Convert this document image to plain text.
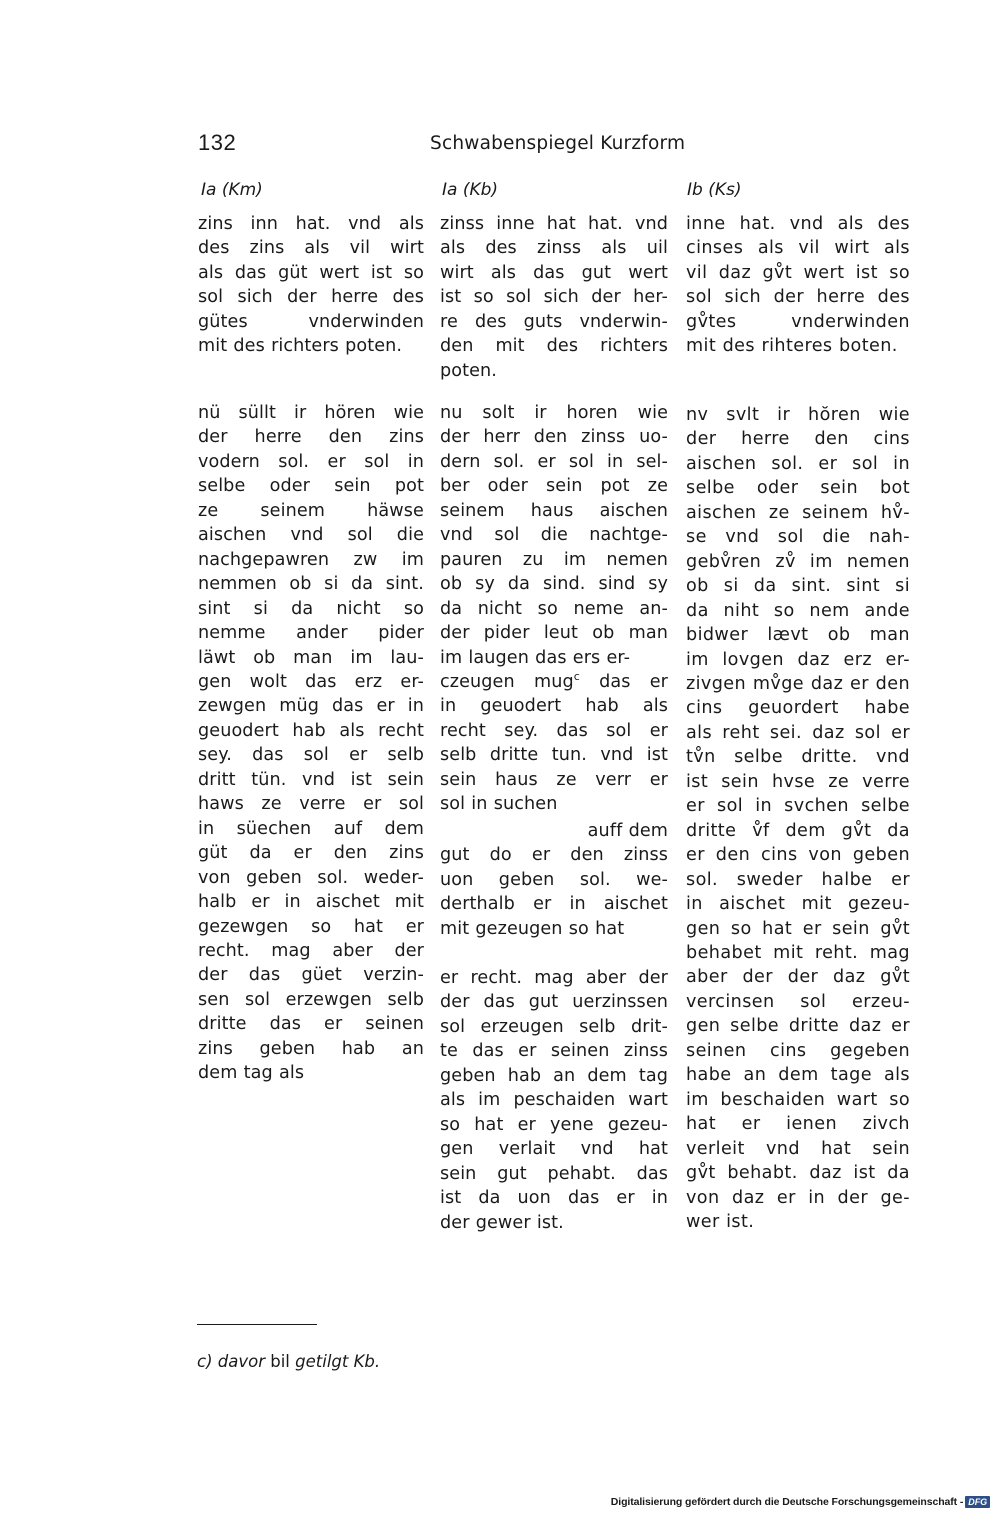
132	Schwabenspiegel Kurzform
Ia (Km)	Ia (Kb)	Ib (Ks)
zins inn hat. vnd als
des zins als vil wirt
als das güt wert ist so
sol sich der herre des
gütes vnderwinden
mit des richters poten.
nü süllt ir hören wie
der herre den zins
vodern sol. er sol in
selbe oder sein pot
ze seinem häwse
aischen vnd sol die
nachgepawren zw im
nemmen ob si da sint.
sint si da nicht so
nemme ander pider
läwt ob man im lau-
gen wolt das erz er-
zewgen müg das er in
geuodert hab als recht
sey. das sol er selb
dritt tün. vnd ist sein
haws ze verre er sol
in süechen auf dem
güt da er den zins
von geben sol. weder-
halb er in aischet mit
gezewgen so hat er
recht. mag aber der
der das güet verzin-
sen sol erzewgen selb
dritte das er seinen
zins geben hab an
dem tag als
zinss inne hat hat. vnd
als des zinss als uil
wirt als das gut wert
ist so sol sich der her-
re des guts vnderwin-
den mit des richters
poten.
nu solt ir horen wie
der herr den zinss uo-
dern sol. er sol in sel-
ber oder sein pot ze
seinem haus aischen
vnd sol die nachtge-
pauren zu im nemen
ob sy da sind. sind sy
da nicht so neme an-
der pider leut ob man
im laugen das ers er-
czeugen mug$^c$ das er
in geuodert hab als
recht sey. das sol er
selb dritte tun. vnd ist
sein haus ze verr er
sol in suchen
auff dem
gut do er den zinss
uon geben sol. we-
derthalb er in aischet
mit gezeugen so hat
er recht. mag aber der
der das gut uerzinssen
sol erzeugen selb drit-
te das er seinen zinss
geben hab an dem tag
als im peschaiden wart
so hat er yene gezeu-
gen verlait vnd hat
sein gut pehabt. das
ist da uon das er in
der gewer ist.
inne hat. vnd als des
cinses als vil wirt als
vil daz gv̊t wert ist so
sol sich der herre des
gv̊tes vnderwinden
mit des rihteres boten.
nv svlt ir hŏren wie
der herre den cins
aischen sol. er sol in
selbe oder sein bot
aischen ze seinem hv̊-
se vnd sol die nah-
gebv̊ren zv̊ im nemen
ob si da sint. sint si
da niht so nem ande
bidwer lævt ob man
im lovgen daz erz er-
zivgen mv̊ge daz er den
cins geuordert habe
als reht sei. daz sol er
tv̊n selbe dritte. vnd
ist sein hvse ze verre
er sol in svchen selbe
dritte v̊f dem gv̊t da
er den cins von geben
sol. sweder halbe er
in aischet mit gezeu-
gen so hat er sein gv̊t
behabet mit reht. mag
aber der der daz gv̊t
vercinsen sol erzeu-
gen selbe dritte daz er
seinen cins gegeben
habe an dem tage als
im beschaiden wart so
hat er ienen zivch
verleit vnd hat sein
gv̊t behabt. daz ist da
von daz er in der ge-
wer ist.
c) davor bil getilgt Kb.
Digitalisierung gefördert durch die Deutsche Forschungsgemeinschaft - DFG
